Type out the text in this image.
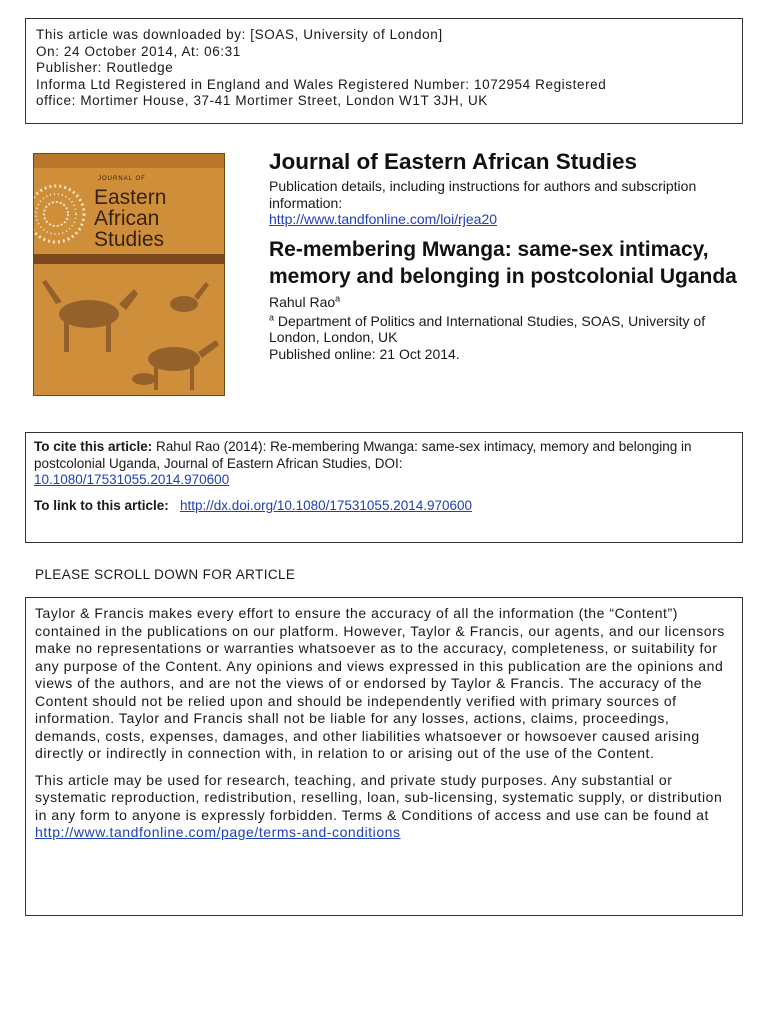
This article was downloaded by: [SOAS, University of London]
On: 24 October 2014, At: 06:31
Publisher: Routledge
Informa Ltd Registered in England and Wales Registered Number: 1072954 Registered
office: Mortimer House, 37-41 Mortimer Street, London W1T 3JH, UK
JOURNAL OF
Eastern
African
Studies
Journal of Eastern African Studies
Publication details, including instructions for authors and subscription information:
http://www.tandfonline.com/loi/rjea20
Re-membering Mwanga: same-sex intimacy, memory and belonging in postcolonial Uganda
Rahul Rao$^a$
$^a$ Department of Politics and International Studies, SOAS, University of London, London, UK
Published online: 21 Oct 2014.
To cite this article: Rahul Rao (2014): Re-membering Mwanga: same-sex intimacy, memory and belonging in postcolonial Uganda, Journal of Eastern African Studies, DOI:
10.1080/17531055.2014.970600
To link to this article: http://dx.doi.org/10.1080/17531055.2014.970600
PLEASE SCROLL DOWN FOR ARTICLE

Taylor & Francis makes every effort to ensure the accuracy of all the information (the “Content”) contained in the publications on our platform. However, Taylor & Francis, our agents, and our licensors make no representations or warranties whatsoever as to the accuracy, completeness, or suitability for any purpose of the Content. Any opinions and views expressed in this publication are the opinions and views of the authors, and are not the views of or endorsed by Taylor & Francis. The accuracy of the Content should not be relied upon and should be independently verified with primary sources of information. Taylor and Francis shall not be liable for any losses, actions, claims, proceedings, demands, costs, expenses, damages, and other liabilities whatsoever or howsoever caused arising directly or indirectly in connection with, in relation to or arising out of the use of the Content.

This article may be used for research, teaching, and private study purposes. Any substantial or systematic reproduction, redistribution, reselling, loan, sub-licensing, systematic supply, or distribution in any form to anyone is expressly forbidden. Terms & Conditions of access and use can be found at http://www.tandfonline.com/page/terms-and-conditions
